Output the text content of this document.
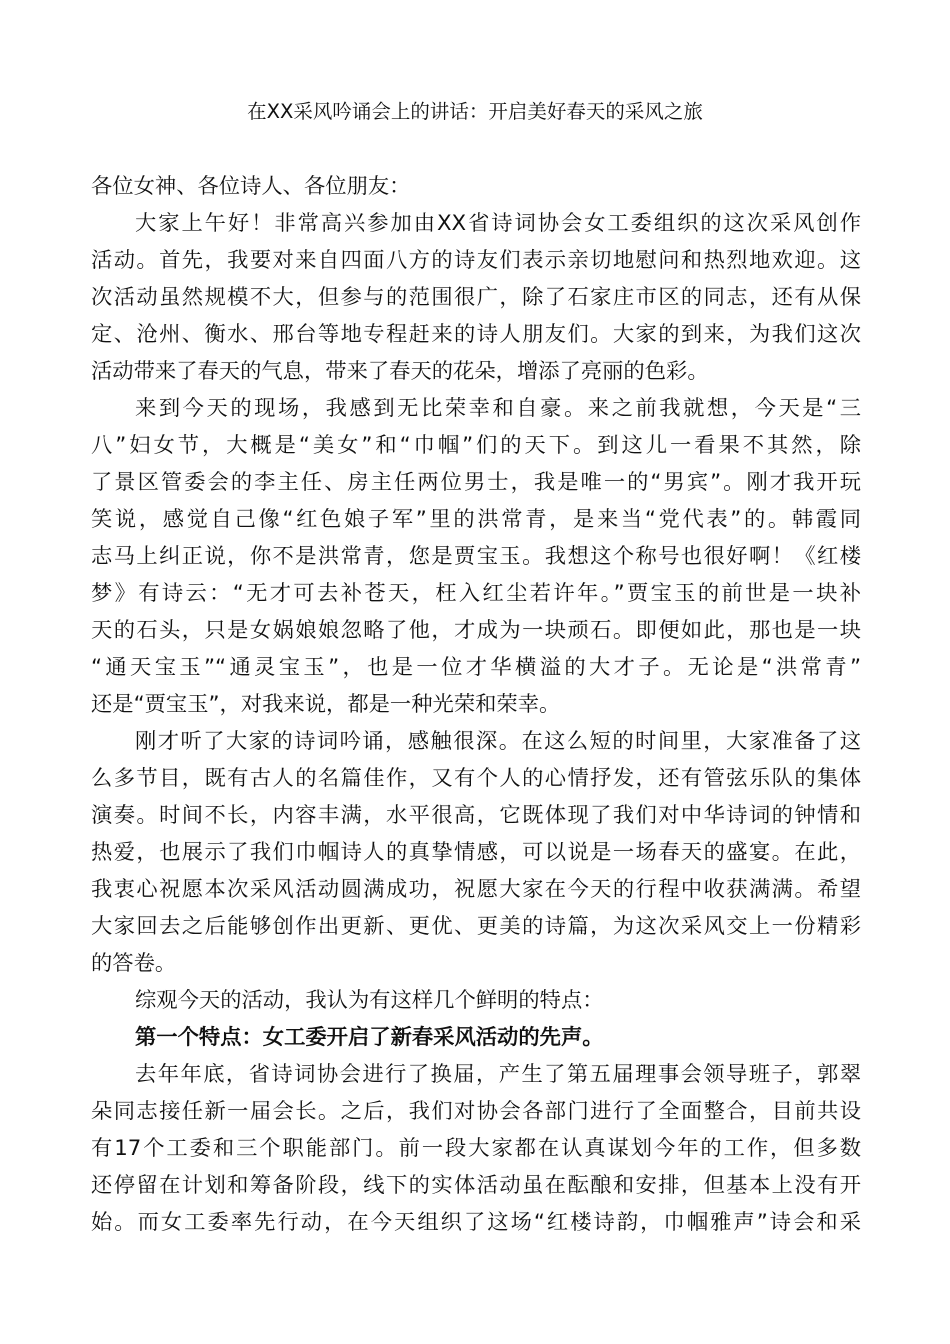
在XX采风吟诵会上的讲话：开启美好春天的采风之旅
各位女神、各位诗人、各位朋友：
大家上午好！非常高兴参加由XX省诗词协会女工委组织的这次采风创作
活动。首先，我要对来自四面八方的诗友们表示亲切地慰问和热烈地欢迎。这
次活动虽然规模不大，但参与的范围很广，除了石家庄市区的同志，还有从保
定、沧州、衡水、邢台等地专程赶来的诗人朋友们。大家的到来，为我们这次
活动带来了春天的气息，带来了春天的花朵，增添了亮丽的色彩。
来到今天的现场，我感到无比荣幸和自豪。来之前我就想，今天是“三
八”妇女节，大概是“美女”和“巾帼”们的天下。到这儿一看果不其然，除
了景区管委会的李主任、房主任两位男士，我是唯一的“男宾”。刚才我开玩
笑说，感觉自己像“红色娘子军”里的洪常青，是来当“党代表”的。韩霞同
志马上纠正说，你不是洪常青，您是贾宝玉。我想这个称号也很好啊！《红楼
梦》有诗云：“无才可去补苍天，枉入红尘若许年。”贾宝玉的前世是一块补
天的石头，只是女娲娘娘忽略了他，才成为一块顽石。即便如此，那也是一块
“通天宝玉”“通灵宝玉”，也是一位才华横溢的大才子。无论是“洪常青”
还是“贾宝玉”，对我来说，都是一种光荣和荣幸。
刚才听了大家的诗词吟诵，感触很深。在这么短的时间里，大家准备了这
么多节目，既有古人的名篇佳作，又有个人的心情抒发，还有管弦乐队的集体
演奏。时间不长，内容丰满，水平很高，它既体现了我们对中华诗词的钟情和
热爱，也展示了我们巾帼诗人的真挚情感，可以说是一场春天的盛宴。在此，
我衷心祝愿本次采风活动圆满成功，祝愿大家在今天的行程中收获满满。希望
大家回去之后能够创作出更新、更优、更美的诗篇，为这次采风交上一份精彩
的答卷。
综观今天的活动，我认为有这样几个鲜明的特点：
第一个特点：女工委开启了新春采风活动的先声。
去年年底，省诗词协会进行了换届，产生了第五届理事会领导班子，郭翠
朵同志接任新一届会长。之后，我们对协会各部门进行了全面整合，目前共设
有17个工委和三个职能部门。前一段大家都在认真谋划今年的工作，但多数
还停留在计划和筹备阶段，线下的实体活动虽在酝酿和安排，但基本上没有开
始。而女工委率先行动，在今天组织了这场“红楼诗韵，巾帼雅声”诗会和采
